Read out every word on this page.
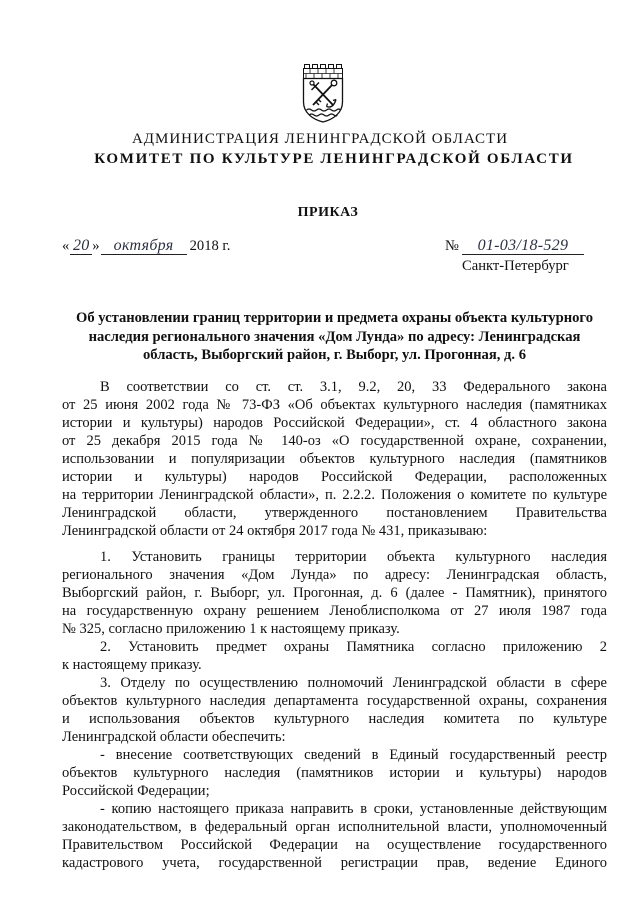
АДМИНИСТРАЦИЯ ЛЕНИНГРАДСКОЙ ОБЛАСТИ
КОМИТЕТ ПО КУЛЬТУРЕ ЛЕНИНГРАДСКОЙ ОБЛАСТИ
ПРИКАЗ
« 20 » октября 2018 г.	№ 01-03/18-529
Санкт-Петербург
Об установлении границ территории и предмета охраны объекта культурного
наследия регионального значения «Дом Лунда» по адресу: Ленинградская
область, Выборгский район, г. Выборг, ул. Прогонная, д. 6
В соответствии со ст. ст. 3.1, 9.2, 20, 33 Федерального закона
от 25 июня 2002 года № 73-ФЗ «Об объектах культурного наследия (памятниках
истории и культуры) народов Российской Федерации», ст. 4 областного закона
от 25 декабря 2015 года № 140-оз «О государственной охране, сохранении,
использовании и популяризации объектов культурного наследия (памятников
истории и культуры) народов Российской Федерации, расположенных
на территории Ленинградской области», п. 2.2.2. Положения о комитете по культуре
Ленинградской области, утвержденного постановлением Правительства
Ленинградской области от 24 октября 2017 года № 431, приказываю:
1. Установить границы территории объекта культурного наследия
регионального значения «Дом Лунда» по адресу: Ленинградская область,
Выборгский район, г. Выборг, ул. Прогонная, д. 6 (далее - Памятник), принятого
на государственную охрану решением Леноблисполкома от 27 июля 1987 года
№ 325, согласно приложению 1 к настоящему приказу.
2. Установить предмет охраны Памятника согласно приложению 2
к настоящему приказу.
3. Отделу по осуществлению полномочий Ленинградской области в сфере
объектов культурного наследия департамента государственной охраны, сохранения
и использования объектов культурного наследия комитета по культуре
Ленинградской области обеспечить:
- внесение соответствующих сведений в Единый государственный реестр
объектов культурного наследия (памятников истории и культуры) народов
Российской Федерации;
- копию настоящего приказа направить в сроки, установленные действующим
законодательством, в федеральный орган исполнительной власти, уполномоченный
Правительством Российской Федерации на осуществление государственного
кадастрового учета, государственной регистрации прав, ведение Единого
